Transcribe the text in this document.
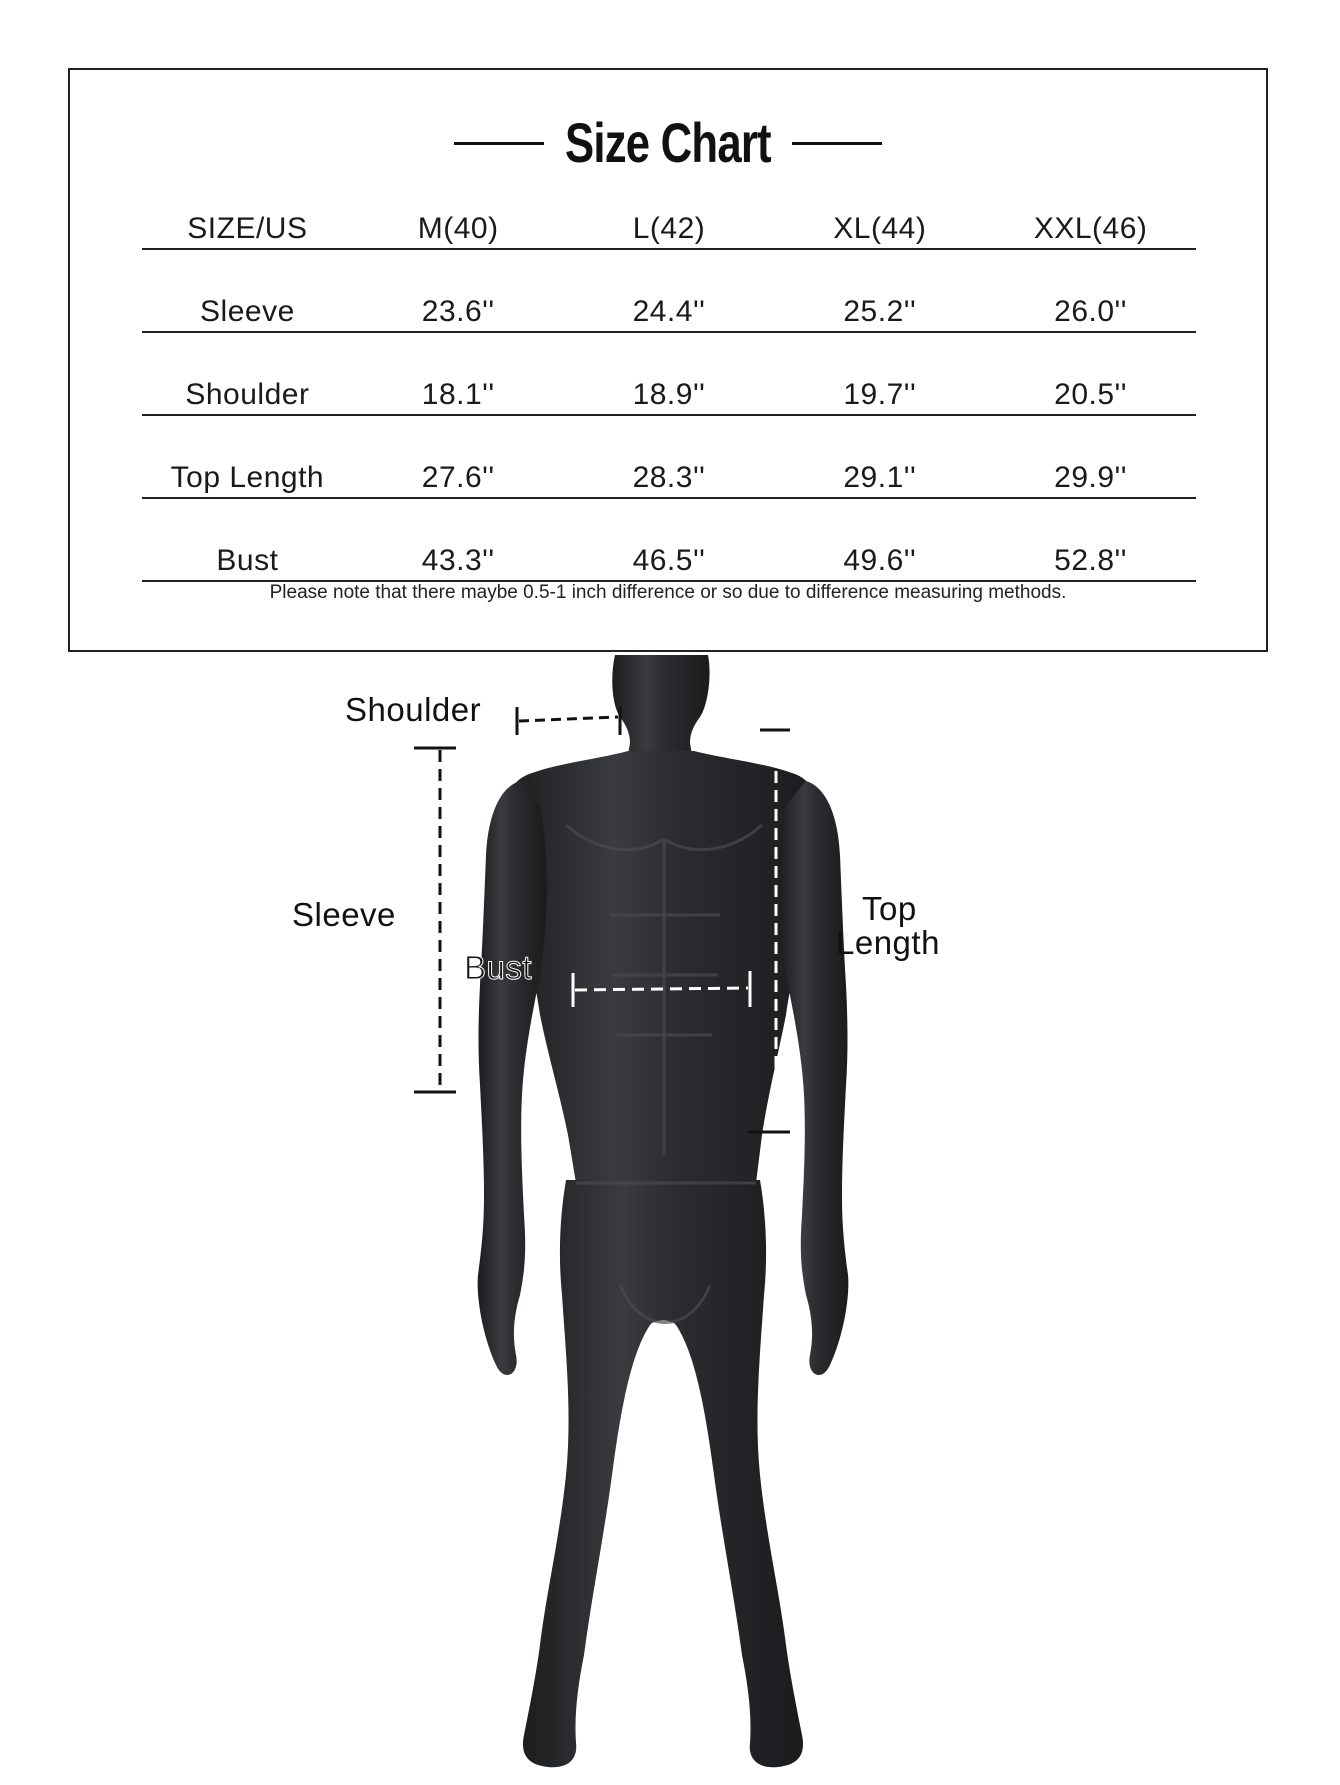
Size Chart
SIZE/US	M(40)	L(42)	XL(44)	XXL(46)
Sleeve	23.6''	24.4''	25.2''	26.0''
Shoulder	18.1''	18.9''	19.7''	20.5''
Top Length	27.6''	28.3''	29.1''	29.9''
Bust	43.3''	46.5''	49.6''	52.8''
Please note that there maybe 0.5-1 inch difference or so due to difference measuring methods.
Shoulder
Sleeve
Bust
Top
Length
